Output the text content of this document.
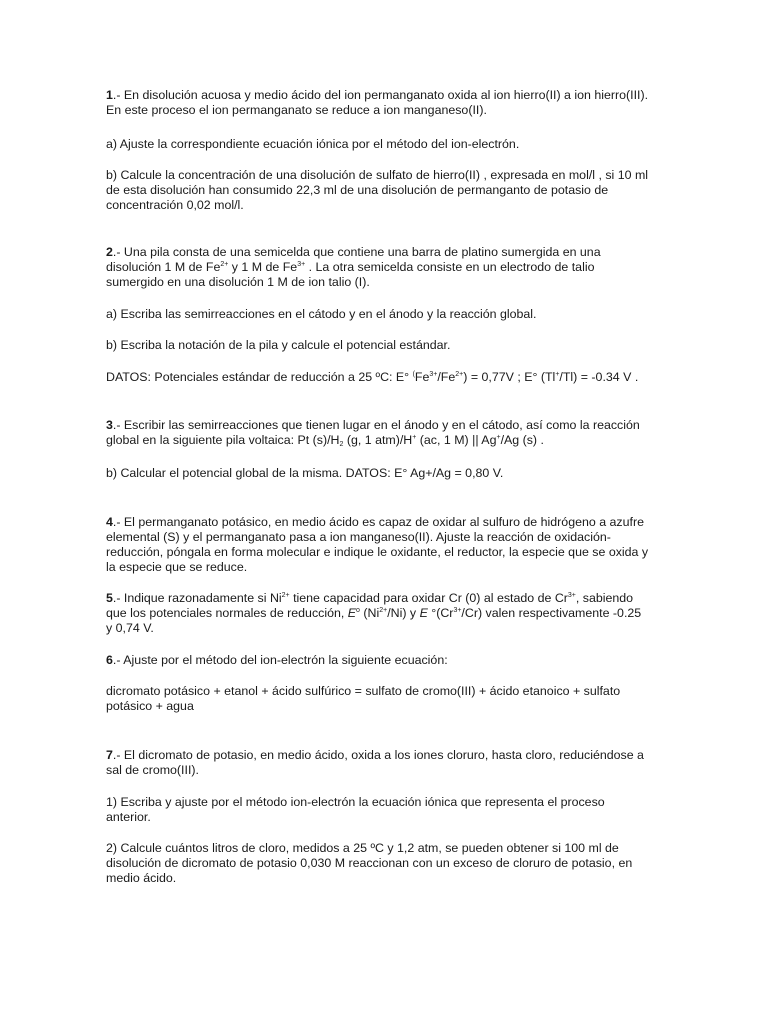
1.- En disolución acuosa y medio ácido del ion permanganato oxida al ion hierro(II) a ion hierro(III).
En este proceso el ion permanganato se reduce a ion manganeso(II).

a) Ajuste la correspondiente ecuación iónica por el método del ion-electrón.

b) Calcule la concentración de una disolución de sulfato de hierro(II) , expresada en mol/l , si 10 ml
de esta disolución han consumido 22,3 ml de una disolución de permanganto de potasio de
concentración 0,02 mol/l.

2.- Una pila consta de una semicelda que contiene una barra de platino sumergida en una
disolución 1 M de $Fe^{2+}$ y 1 M de $Fe^{3+}$ . La otra semicelda consiste en un electrodo de talio
sumergido en una disolución 1 M de ion talio (I).

a) Escriba las semirreacciones en el cátodo y en el ánodo y la reacción global.

b) Escriba la notación de la pila y calcule el potencial estándar.

DATOS: Potenciales estándar de reducción a 25 ºC: E° $^(Fe^{3+}/Fe^{2+}) = 0,77V$ ; E° (Tl+/Tl) = -0.34 V .

3.- Escribir las semirreacciones que tienen lugar en el ánodo y en el cátodo, así como la reacción
global en la siguiente pila voltaica: Pt $(s)/H_2$ (g, 1 atm)/H+ (ac, 1 M) || Ag+/Ag (s) .

b) Calcular el potencial global de la misma. DATOS: E° Ag+/Ag = 0,80 V.

4.- El permanganato potásico, en medio ácido es capaz de oxidar al sulfuro de hidrógeno a azufre
elemental (S) y el permanganato pasa a ion manganeso(II). Ajuste la reacción de oxidación-
reducción, póngala en forma molecular e indique le oxidante, el reductor, la especie que se oxida y
la especie que se reduce.

5.- Indique razonadamente si $Ni^{2+}$ tiene capacidad para oxidar Cr (0) al estado de $Cr^{3+}$, sabiendo
que los potenciales normales de reducción, $E^o$ $(Ni^{2+}/Ni)$ y E $^\circ(Cr^{3+}/Cr)$ valen respectivamente -0.25
y 0,74 V.

6.- Ajuste por el método del ion-electrón la siguiente ecuación:

dicromato potásico + etanol + ácido sulfúrico = sulfato de cromo(III) + ácido etanoico + sulfato
potásico + agua

7.- El dicromato de potasio, en medio ácido, oxida a los iones cloruro, hasta cloro, reduciéndose a
sal de cromo(III).

1) Escriba y ajuste por el método ion-electrón la ecuación iónica que representa el proceso
anterior.

2) Calcule cuántos litros de cloro, medidos a 25 ºC y 1,2 atm, se pueden obtener si 100 ml de
disolución de dicromato de potasio 0,030 M reaccionan con un exceso de cloruro de potasio, en
medio ácido.
